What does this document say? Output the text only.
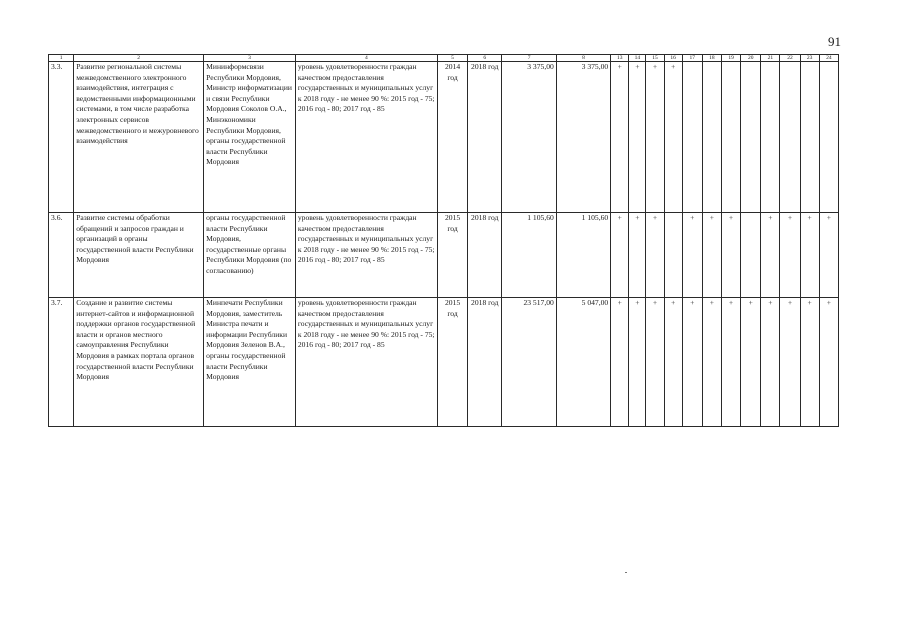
91
1	2	3	4	5	6	7	8	13	14	15	16	17	18	19	20	21	22	23	24
3.3.	Развитие региональной системы межведомственного электронного взаимодействия, интеграция с ведомственными информационными системами, в том числе разработка электронных сервисов межведомственного и межуровневого взаимодействия	Мининформсвязи Республики Мордовия, Министр информатизации и связи Республики Мордовия Соколов О.А., Минэкономики Республики Мордовия, органы государственной власти Республики Мордовия	уровень удовлетворенности граждан качеством предоставления государственных и муниципальных услуг к 2018 году - не менее 90 %: 2015 год - 75; 2016 год - 80; 2017 год - 85	2014 год	2018 год	3 375,00	3 375,00	+	+	+	+								
3.6.	Развитие системы обработки обращений и запросов граждан и организаций в органы государственной власти Республики Мордовия	органы государственной власти Республики Мордовия, государственные органы Республики Мордовия (по согласованию)	уровень удовлетворенности граждан качеством предоставления государственных и муниципальных услуг к 2018 году - не менее 90 %: 2015 год - 75; 2016 год - 80; 2017 год - 85	2015 год	2018 год	1 105,60	1 105,60	+	+	+		+	+	+		+	+	+	+
3.7.	Создание и развитие системы интернет-сайтов и информационной поддержки органов государственной власти и органов местного самоуправления Республики Мордовия в рамках портала органов государственной власти Республики Мордовия	Минпечати Республики Мордовия, заместитель Министра печати и информации Республики Мордовия Зеленов В.А., органы государственной власти Республики Мордовия	уровень удовлетворенности граждан качеством предоставления государственных и муниципальных услуг к 2018 году - не менее 90 %: 2015 год - 75; 2016 год - 80; 2017 год - 85	2015 год	2018 год	23 517,00	5 047,00	+	+	+	+	+	+	+	+	+	+	+	+
